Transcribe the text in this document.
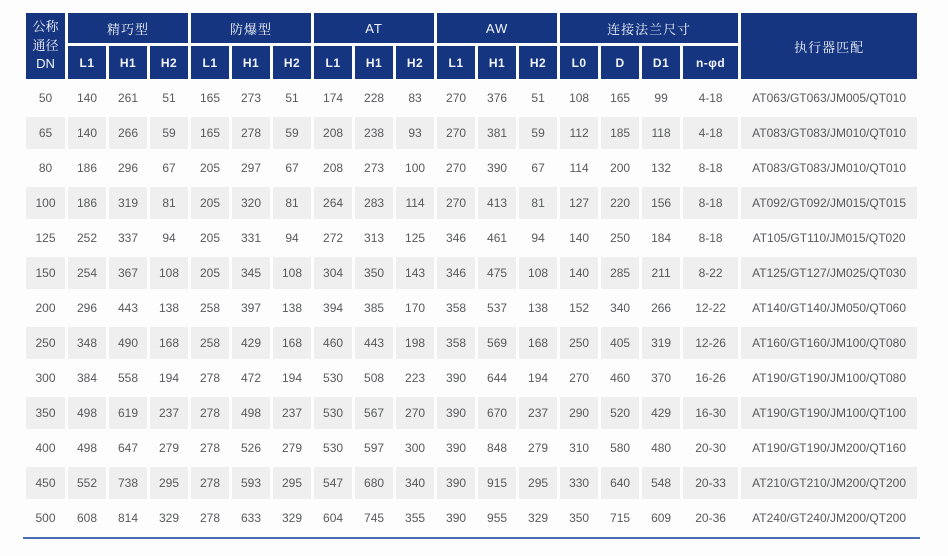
公称
通径
DN	精巧型			防爆型			AT			AW			连接法兰尺寸				执行器匹配
	L1	H1	H2	L1	H1	H2	L1	H1	H2	L1	H1	H2	L0	D	D1	n-φd	
50	140	261	51	165	273	51	174	228	83	270	376	51	108	165	99	4-18	AT063/GT063/JM005/QT010
65	140	266	59	165	278	59	208	238	93	270	381	59	112	185	118	4-18	AT083/GT083/JM010/QT010
80	186	296	67	205	297	67	208	273	100	270	390	67	114	200	132	8-18	AT083/GT083/JM010/QT010
100	186	319	81	205	320	81	264	283	114	270	413	81	127	220	156	8-18	AT092/GT092/JM015/QT015
125	252	337	94	205	331	94	272	313	125	346	461	94	140	250	184	8-18	AT105/GT110/JM015/QT020
150	254	367	108	205	345	108	304	350	143	346	475	108	140	285	211	8-22	AT125/GT127/JM025/QT030
200	296	443	138	258	397	138	394	385	170	358	537	138	152	340	266	12-22	AT140/GT140/JM050/QT060
250	348	490	168	258	429	168	460	443	198	358	569	168	250	405	319	12-26	AT160/GT160/JM100/QT080
300	384	558	194	278	472	194	530	508	223	390	644	194	270	460	370	16-26	AT190/GT190/JM100/QT080
350	498	619	237	278	498	237	530	567	270	390	670	237	290	520	429	16-30	AT190/GT190/JM100/QT100
400	498	647	279	278	526	279	530	597	300	390	848	279	310	580	480	20-30	AT190/GT190/JM200/QT160
450	552	738	295	278	593	295	547	680	340	390	915	295	330	640	548	20-33	AT210/GT210/JM200/QT200
500	608	814	329	278	633	329	604	745	355	390	955	329	350	715	609	20-36	AT240/GT240/JM200/QT200
